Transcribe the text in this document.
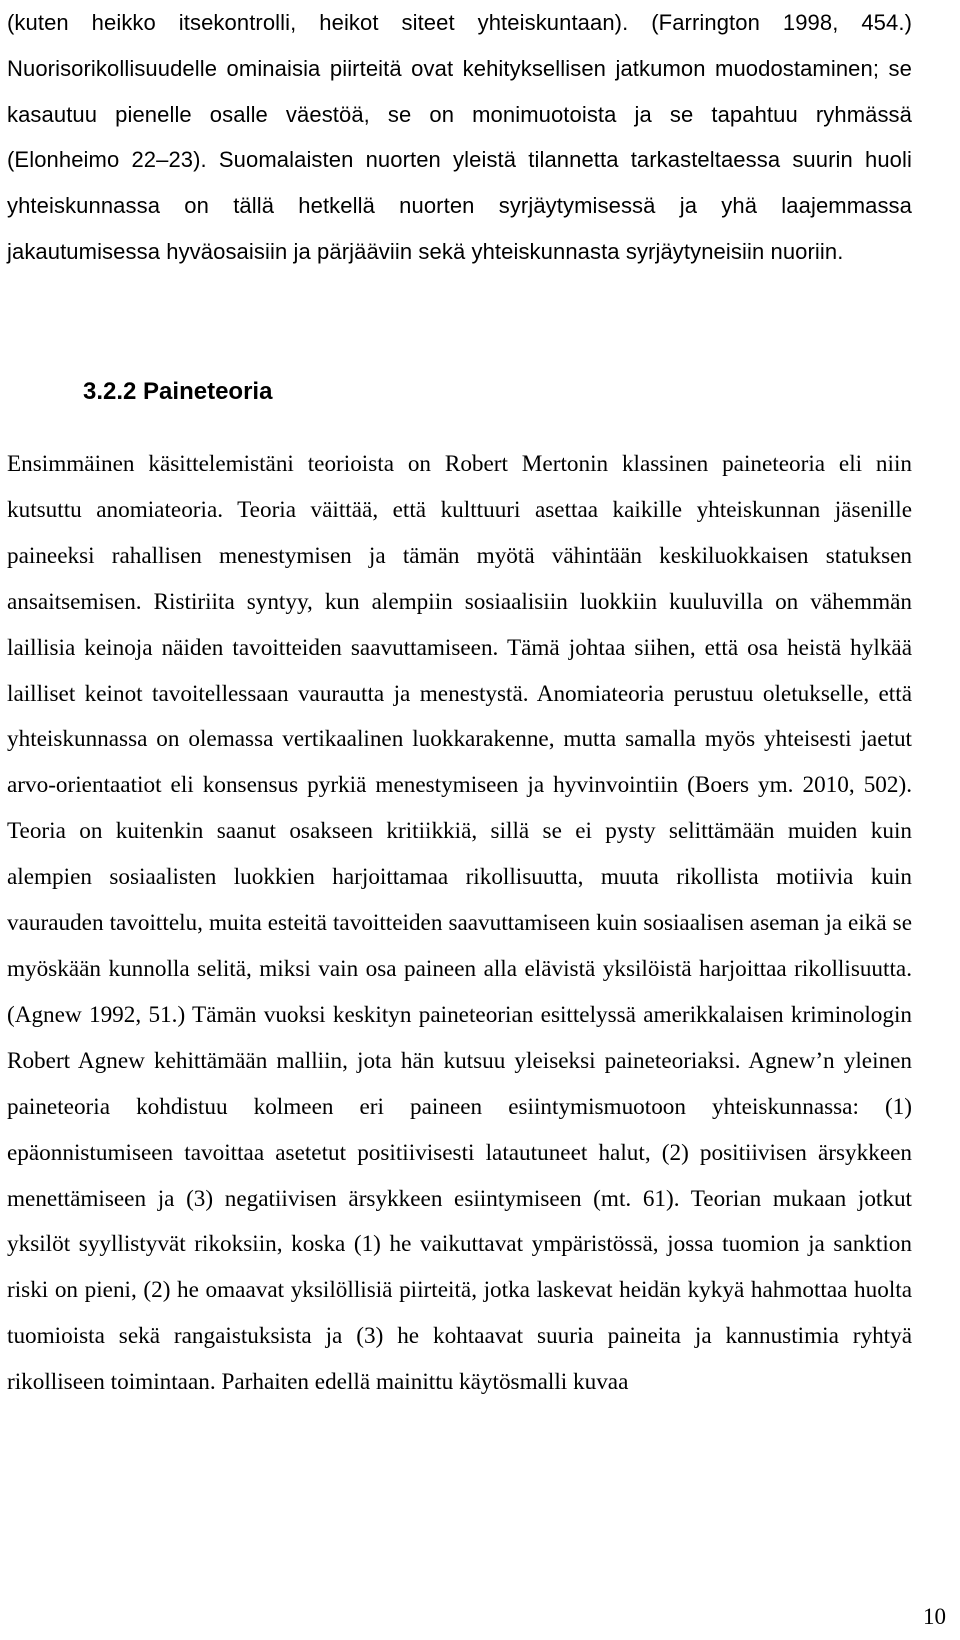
(kuten heikko itsekontrolli, heikot siteet yhteiskuntaan). (Farrington 1998, 454.) Nuorisorikollisuudelle ominaisia piirteitä ovat kehityksellisen jatkumon muodostaminen; se kasautuu pienelle osalle väestöä, se on monimuotoista ja se tapahtuu ryhmässä (Elonheimo 22–23). Suomalaisten nuorten yleistä tilannetta tarkasteltaessa suurin huoli yhteiskunnassa on tällä hetkellä nuorten syrjäytymisessä ja yhä laajemmassa jakautumisessa hyväosaisiin ja pärjääviin sekä yhteiskunnasta syrjäytyneisiin nuoriin.

3.2.2 Paineteoria

Ensimmäinen käsittelemistäni teorioista on Robert Mertonin klassinen paineteoria eli niin kutsuttu anomiateoria. Teoria väittää, että kulttuuri asettaa kaikille yhteiskunnan jäsenille paineeksi rahallisen menestymisen ja tämän myötä vähintään keskiluokkaisen statuksen ansaitsemisen. Ristiriita syntyy, kun alempiin sosiaalisiin luokkiin kuuluvilla on vähemmän laillisia keinoja näiden tavoitteiden saavuttamiseen. Tämä johtaa siihen, että osa heistä hylkää lailliset keinot tavoitellessaan vaurautta ja menestystä. Anomiateoria perustuu oletukselle, että yhteiskunnassa on olemassa vertikaalinen luokkarakenne, mutta samalla myös yhteisesti jaetut arvo-orientaatiot eli konsensus pyrkiä menestymiseen ja hyvinvointiin (Boers ym. 2010, 502). Teoria on kuitenkin saanut osakseen kritiikkiä, sillä se ei pysty selittämään muiden kuin alempien sosiaalisten luokkien harjoittamaa rikollisuutta, muuta rikollista motiivia kuin vaurauden tavoittelu, muita esteitä tavoitteiden saavuttamiseen kuin sosiaalisen aseman ja eikä se myöskään kunnolla selitä, miksi vain osa paineen alla elävistä yksilöistä harjoittaa rikollisuutta. (Agnew 1992, 51.) Tämän vuoksi keskityn paineteorian esittelyssä amerikkalaisen kriminologin Robert Agnew kehittämään malliin, jota hän kutsuu yleiseksi paineteoriaksi. Agnew’n yleinen paineteoria kohdistuu kolmeen eri paineen esiintymismuotoon yhteiskunnassa: (1) epäonnistumiseen tavoittaa asetetut positiivisesti latautuneet halut, (2) positiivisen ärsykkeen menettämiseen ja (3) negatiivisen ärsykkeen esiintymiseen (mt. 61). Teorian mukaan jotkut yksilöt syyllistyvät rikoksiin, koska (1) he vaikuttavat ympäristössä, jossa tuomion ja sanktion riski on pieni, (2) he omaavat yksilöllisiä piirteitä, jotka laskevat heidän kykyä hahmottaa huolta tuomioista sekä rangaistuksista ja (3) he kohtaavat suuria paineita ja kannustimia ryhtyä rikolliseen toimintaan. Parhaiten edellä mainittu käytösmalli kuvaa

10
